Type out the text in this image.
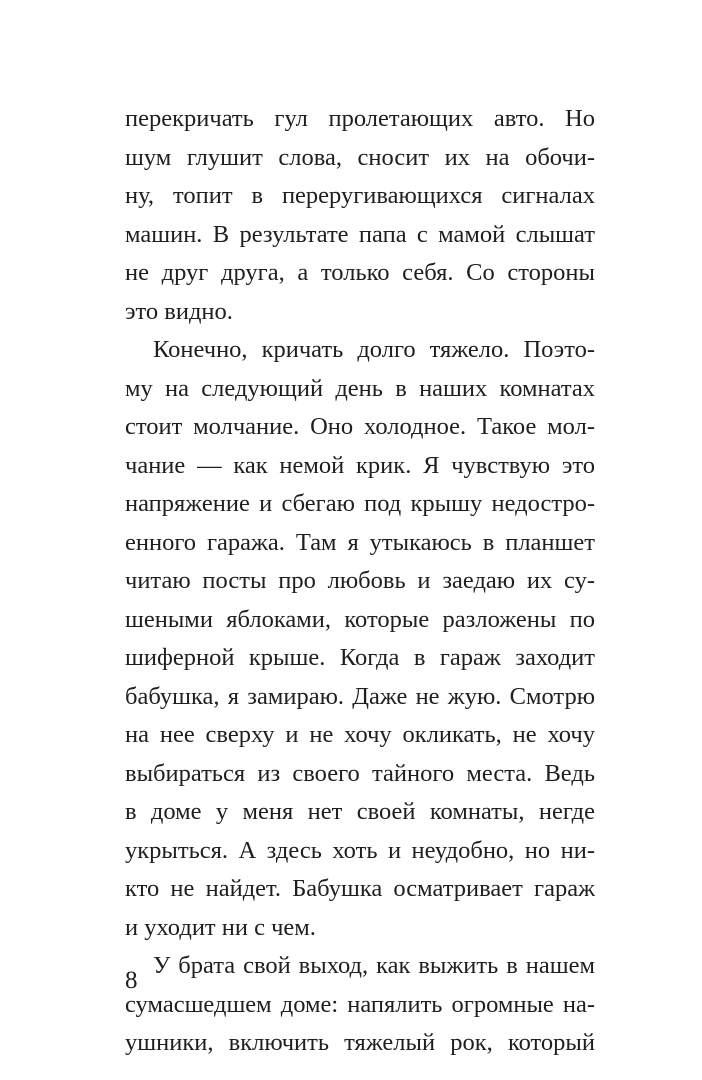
перекричать гул пролетающих авто. Но
шум глушит слова, сносит их на обочи-
ну, топит в переругивающихся сигналах
машин. В результате папа с мамой слышат
не друг друга, а только себя. Со стороны
это видно.
Конечно, кричать долго тяжело. Поэто-
му на следующий день в наших комнатах
стоит молчание. Оно холодное. Такое мол-
чание — как немой крик. Я чувствую это
напряжение и сбегаю под крышу недостро-
енного гаража. Там я утыкаюсь в планшет
читаю посты про любовь и заедаю их су-
шеными яблоками, которые разложены по
шиферной крыше. Когда в гараж заходит
бабушка, я замираю. Даже не жую. Смотрю
на нее сверху и не хочу окликать, не хочу
выбираться из своего тайного места. Ведь
в доме у меня нет своей комнаты, негде
укрыться. А здесь хоть и неудобно, но ни-
кто не найдет. Бабушка осматривает гараж
и уходит ни с чем.
У брата свой выход, как выжить в нашем
сумасшедшем доме: напялить огромные на-
ушники, включить тяжелый рок, который
8
